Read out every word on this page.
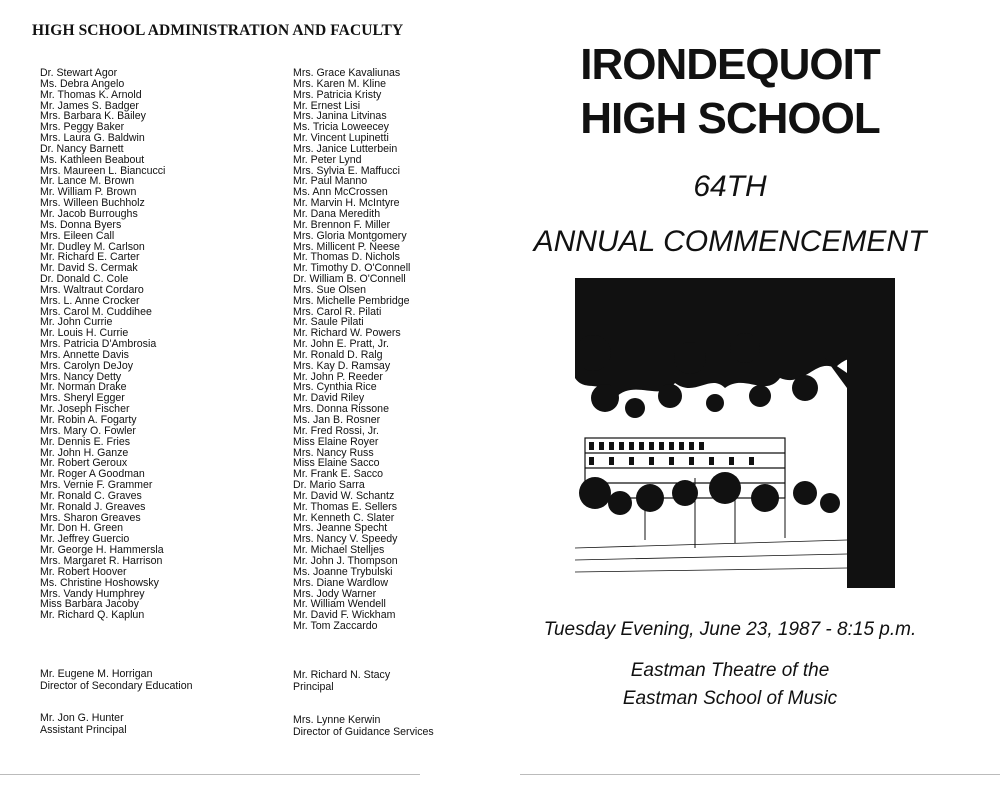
HIGH SCHOOL ADMINISTRATION AND FACULTY
Dr. Stewart Agor
Ms. Debra Angelo
Mr. Thomas K. Arnold
Mr. James S. Badger
Mrs. Barbara K. Bailey
Mrs. Peggy Baker
Mrs. Laura G. Baldwin
Dr. Nancy Barnett
Ms. Kathleen Beabout
Mrs. Maureen L. Biancucci
Mr. Lance M. Brown
Mr. William P. Brown
Mrs. Willeen Buchholz
Mr. Jacob Burroughs
Ms. Donna Byers
Mrs. Eileen Call
Mr. Dudley M. Carlson
Mr. Richard E. Carter
Mr. David S. Cermak
Dr. Donald C. Cole
Mrs. Waltraut Cordaro
Mrs. L. Anne Crocker
Mrs. Carol M. Cuddihee
Mr. John Currie
Mr. Louis H. Currie
Mrs. Patricia D'Ambrosia
Mrs. Annette Davis
Mrs. Carolyn DeJoy
Mrs. Nancy Detty
Mr. Norman Drake
Mrs. Sheryl Egger
Mr. Joseph Fischer
Mr. Robin A. Fogarty
Mrs. Mary O. Fowler
Mr. Dennis E. Fries
Mr. John H. Ganze
Mr. Robert Geroux
Mr. Roger A Goodman
Mrs. Vernie F. Grammer
Mr. Ronald C. Graves
Mr. Ronald J. Greaves
Mrs. Sharon Greaves
Mr. Don H. Green
Mr. Jeffrey Guercio
Mr. George H. Hammersla
Mrs. Margaret R. Harrison
Mr. Robert Hoover
Ms. Christine Hoshowsky
Mrs. Vandy Humphrey
Miss Barbara Jacoby
Mr. Richard Q. Kaplun
Mrs. Grace Kavaliunas
Mrs. Karen M. Kline
Mrs. Patricia Kristy
Mr. Ernest Lisi
Mrs. Janina Litvinas
Ms. Tricia Loweecey
Mr. Vincent Lupinetti
Mrs. Janice Lutterbein
Mr. Peter Lynd
Mrs. Sylvia E. Maffucci
Mr. Paul Manno
Ms. Ann McCrossen
Mr. Marvin H. McIntyre
Mr. Dana Meredith
Mr. Brennon F. Miller
Mrs. Gloria Montgomery
Mrs. Millicent P. Neese
Mr. Thomas D. Nichols
Mr. Timothy D. O'Connell
Dr. William B. O'Connell
Mrs. Sue Olsen
Mrs. Michelle Pembridge
Mrs. Carol R. Pilati
Mr. Saule Pilati
Mr. Richard W. Powers
Mr. John E. Pratt, Jr.
Mr. Ronald D. Ralg
Mrs. Kay D. Ramsay
Mr. John P. Reeder
Mrs. Cynthia Rice
Mr. David Riley
Mrs. Donna Rissone
Ms. Jan B. Rosner
Mr. Fred Rossi, Jr.
Miss Elaine Royer
Mrs. Nancy Russ
Miss Elaine Sacco
Mr. Frank E. Sacco
Dr. Mario Sarra
Mr. David W. Schantz
Mr. Thomas E. Sellers
Mr. Kenneth C. Slater
Mrs. Jeanne Specht
Mrs. Nancy V. Speedy
Mr. Michael Stelljes
Mr. John J. Thompson
Ms. Joanne Trybulski
Mrs. Diane Wardlow
Mrs. Jody Warner
Mr. William Wendell
Mr. David F. Wickham
Mr. Tom Zaccardo
Mr. Eugene M. Horrigan
Director of Secondary Education
Mr. Richard N. Stacy
Principal
Mr. Jon G. Hunter
Assistant Principal
Mrs. Lynne Kerwin
Director of Guidance Services
IRONDEQUOIT
HIGH SCHOOL
64TH
ANNUAL COMMENCEMENT
Tuesday Evening, June 23, 1987 - 8:15 p.m.
Eastman Theatre of the
Eastman School of Music
